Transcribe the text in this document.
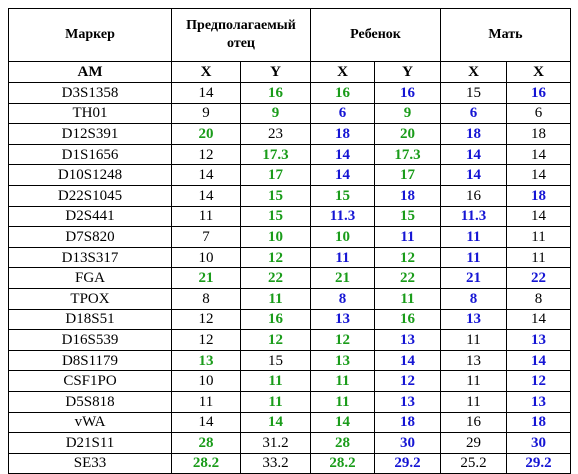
Маркер	Предполагаемый отец		Ребенок		Мать	
AM	X	Y	X	Y	X	X
D3S1358	14	16	16	16	15	16
TH01	9	9	6	9	6	6
D12S391	20	23	18	20	18	18
D1S1656	12	17.3	14	17.3	14	14
D10S1248	14	17	14	17	14	14
D22S1045	14	15	15	18	16	18
D2S441	11	15	11.3	15	11.3	14
D7S820	7	10	10	11	11	11
D13S317	10	12	11	12	11	11
FGA	21	22	21	22	21	22
TPOX	8	11	8	11	8	8
D18S51	12	16	13	16	13	14
D16S539	12	12	12	13	11	13
D8S1179	13	15	13	14	13	14
CSF1PO	10	11	11	12	11	12
D5S818	11	11	11	13	11	13
vWA	14	14	14	18	16	18
D21S11	28	31.2	28	30	29	30
SE33	28.2	33.2	28.2	29.2	25.2	29.2
